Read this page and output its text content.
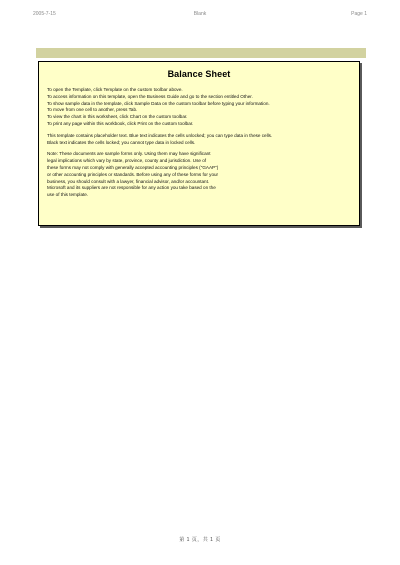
2005-7-15	Blank	Page 1
Balance Sheet
To open the Template, click Template on the custom toolbar above.
To access information on this template, open the Business Guide and go to the section entitled Other.
To show sample data in the template, click Sample Data on the custom toolbar before typing your information.
To move from one cell to another, press Tab.
To view the chart in this worksheet, click Chart on the custom toolbar.
To print any page within this workbook, click Print on the custom toolbar.
This template contains placeholder text. Blue text indicates the cells unlocked; you can type data in these cells.
Black text indicates the cells locked; you cannot type data in locked cells.
Note: These documents are sample forms only. Using them may have significant
legal implications which vary by state, province, county and jurisdiction. Use of
these forms may not comply with generally accepted accounting principles ("GAAP")
or other accounting principles or standards. Before using any of these forms for your
business, you should consult with a lawyer, financial advisor, and/or accountant.
Microsoft and its suppliers are not responsible for any action you take based on the
use of this template.
第 1 页，共 1 页
